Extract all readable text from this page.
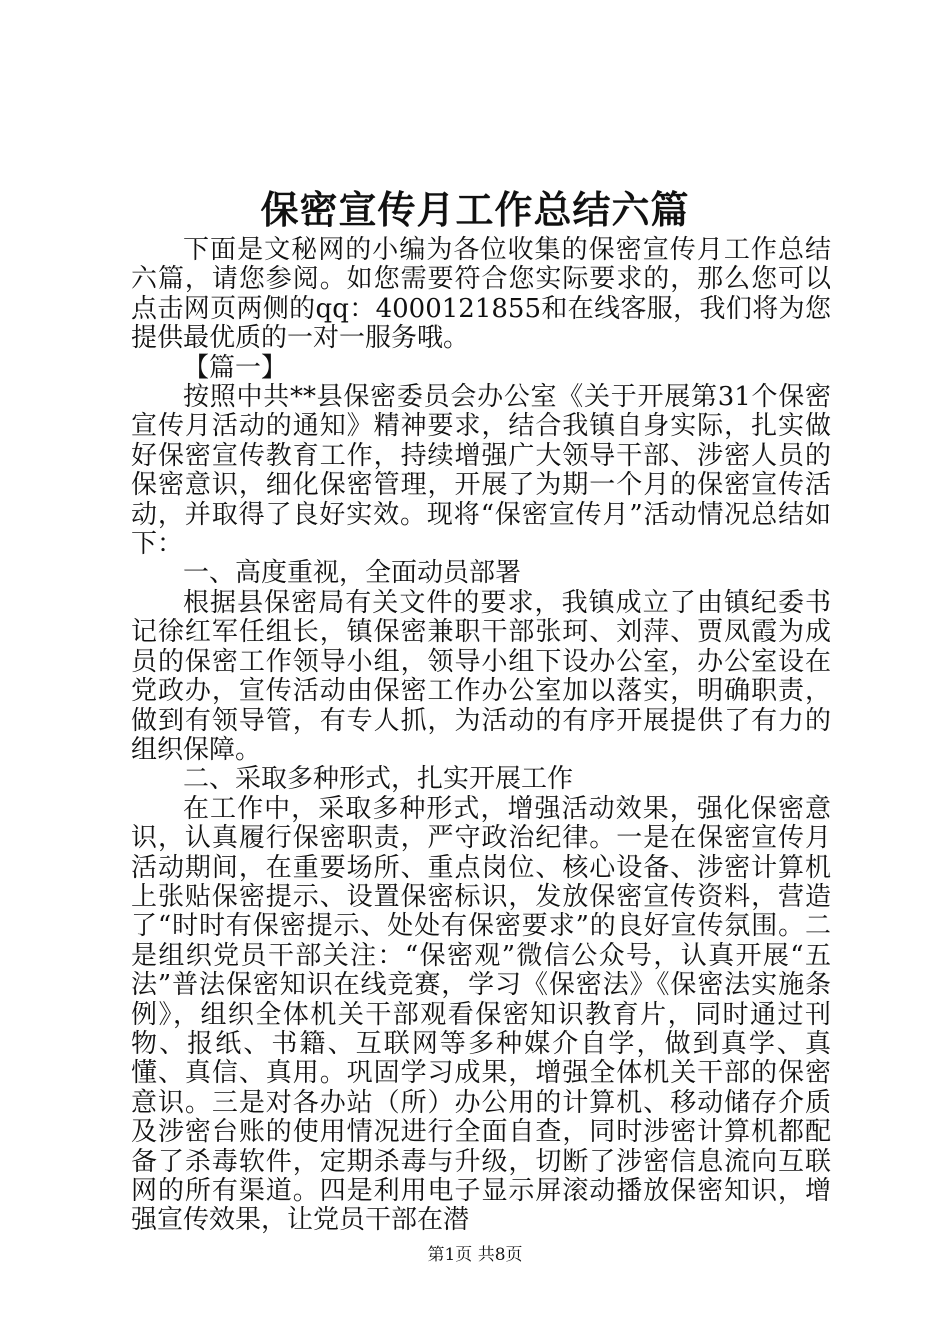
保密宣传月工作总结六篇

下面是文秘网的小编为各位收集的保密宣传月工作总结六篇，请您参阅。如您需要符合您实际要求的，那么您可以点击网页两侧的qq：4000121855和在线客服，我们将为您提供最优质的一对一服务哦。

【篇一】

按照中共**县保密委员会办公室《关于开展第31个保密宣传月活动的通知》精神要求，结合我镇自身实际，扎实做好保密宣传教育工作，持续增强广大领导干部、涉密人员的保密意识，细化保密管理，开展了为期一个月的保密宣传活动，并取得了良好实效。现将“保密宣传月”活动情况总结如下：

一、高度重视，全面动员部署

根据县保密局有关文件的要求，我镇成立了由镇纪委书记徐红军任组长，镇保密兼职干部张珂、刘萍、贾凤霞为成员的保密工作领导小组，领导小组下设办公室，办公室设在党政办，宣传活动由保密工作办公室加以落实，明确职责，做到有领导管，有专人抓，为活动的有序开展提供了有力的组织保障。

二、采取多种形式，扎实开展工作

在工作中，采取多种形式，增强活动效果，强化保密意识，认真履行保密职责，严守政治纪律。一是在保密宣传月活动期间，在重要场所、重点岗位、核心设备、涉密计算机上张贴保密提示、设置保密标识，发放保密宣传资料，营造了“时时有保密提示、处处有保密要求”的良好宣传氛围。二是组织党员干部关注：“保密观”微信公众号，认真开展“五法”普法保密知识在线竞赛，学习《保密法》《保密法实施条例》，组织全体机关干部观看保密知识教育片，同时通过刊物、报纸、书籍、互联网等多种媒介自学，做到真学、真懂、真信、真用。巩固学习成果，增强全体机关干部的保密意识。三是对各办站（所）办公用的计算机、移动储存介质及涉密台账的使用情况进行全面自查，同时涉密计算机都配备了杀毒软件，定期杀毒与升级，切断了涉密信息流向互联网的所有渠道。四是利用电子显示屏滚动播放保密知识，增强宣传效果，让党员干部在潜

第1页 共8页
